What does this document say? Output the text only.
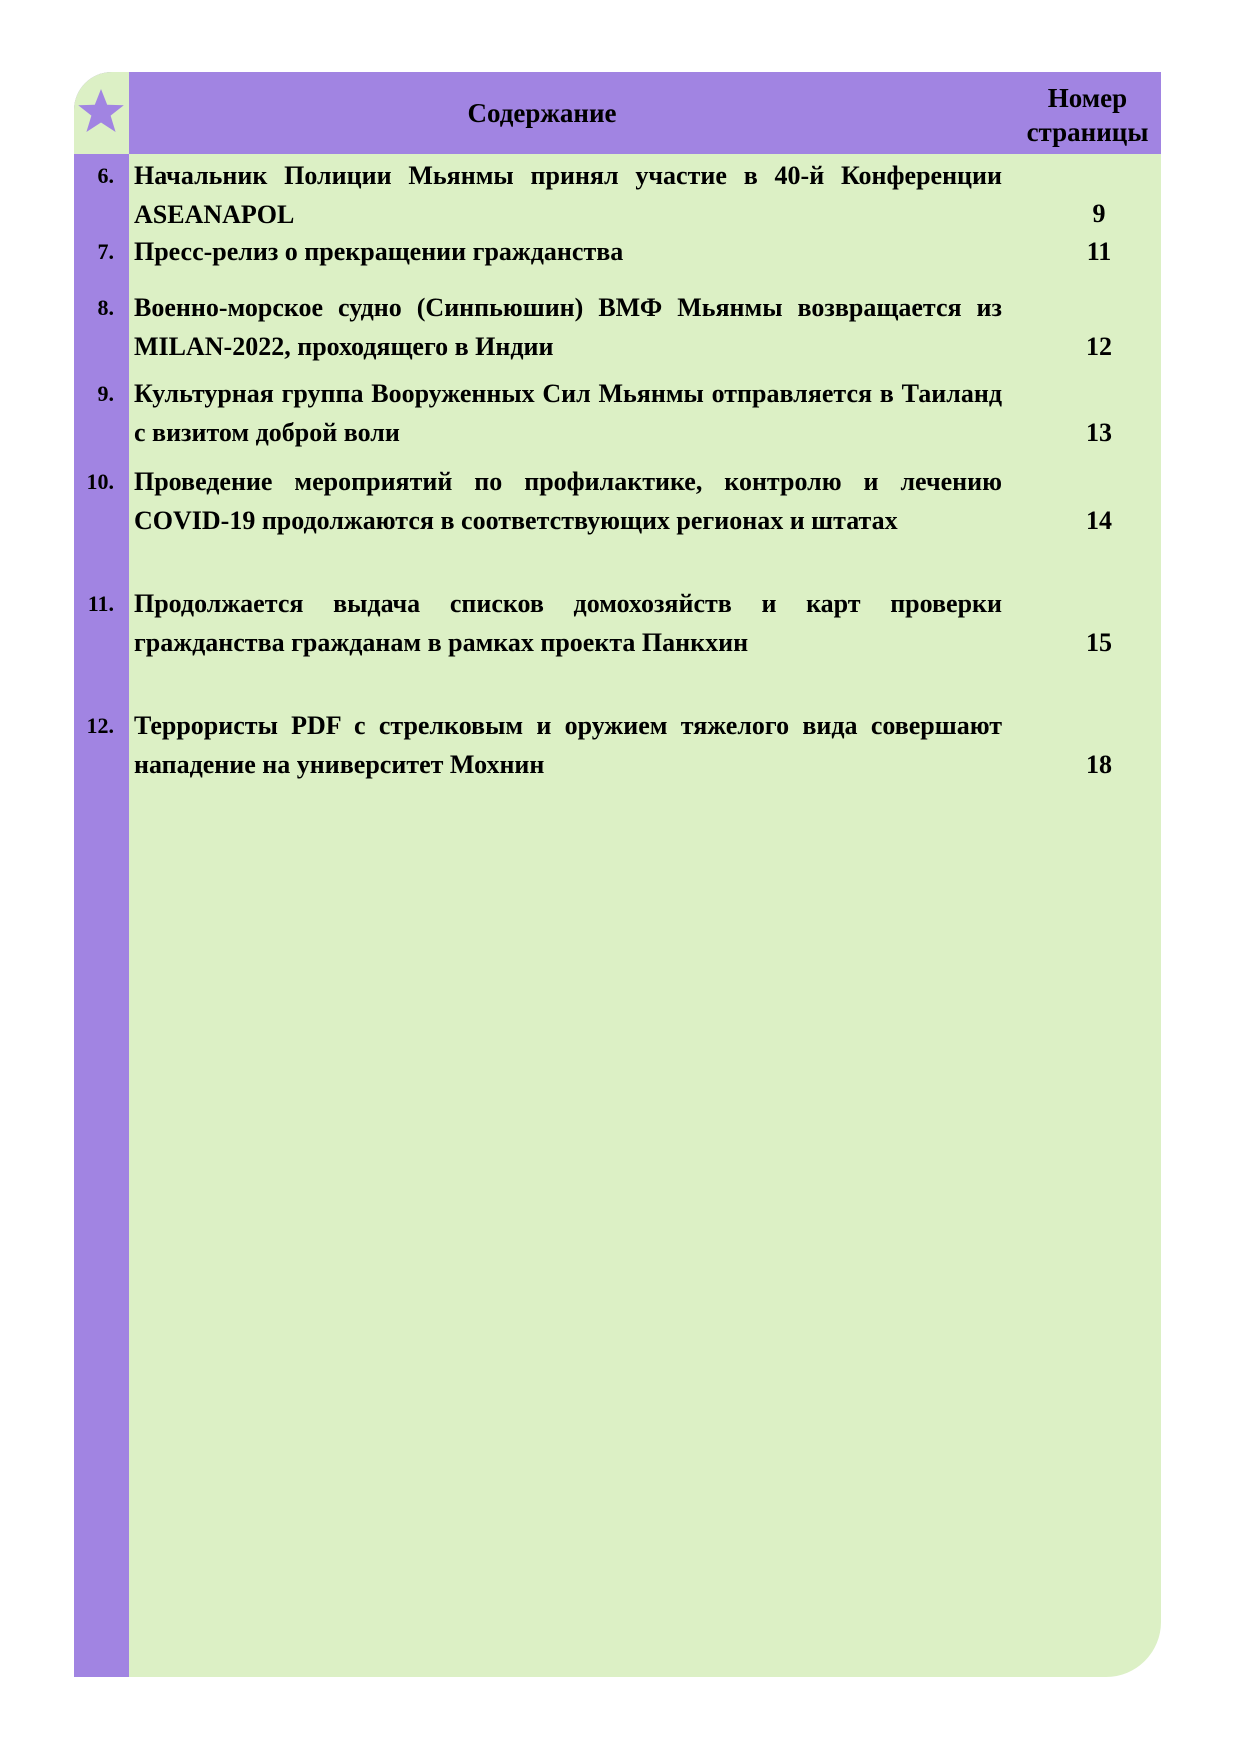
Содержание	Номер
страницы
6. Начальник Полиции Мьянмы принял участие в 40-й Конференции ASEANAPOL	9
7. Пресс-релиз о прекращении гражданства	11
8. Военно-морское судно (Синпьюшин) ВМФ Мьянмы возвращается из MILAN-2022, проходящего в Индии	12
9. Культурная группа Вооруженных Сил Мьянмы отправляется в Таиланд с визитом доброй воли	13
10. Проведение мероприятий по профилактике, контролю и лечению COVID-19 продолжаются в соответствующих регионах и штатах	14
11. Продолжается выдача списков домохозяйств и карт проверки гражданства гражданам в рамках проекта Панкхин	15
12. Террористы PDF с стрелковым и оружием тяжелого вида совершают нападение на университет Мохнин	18
